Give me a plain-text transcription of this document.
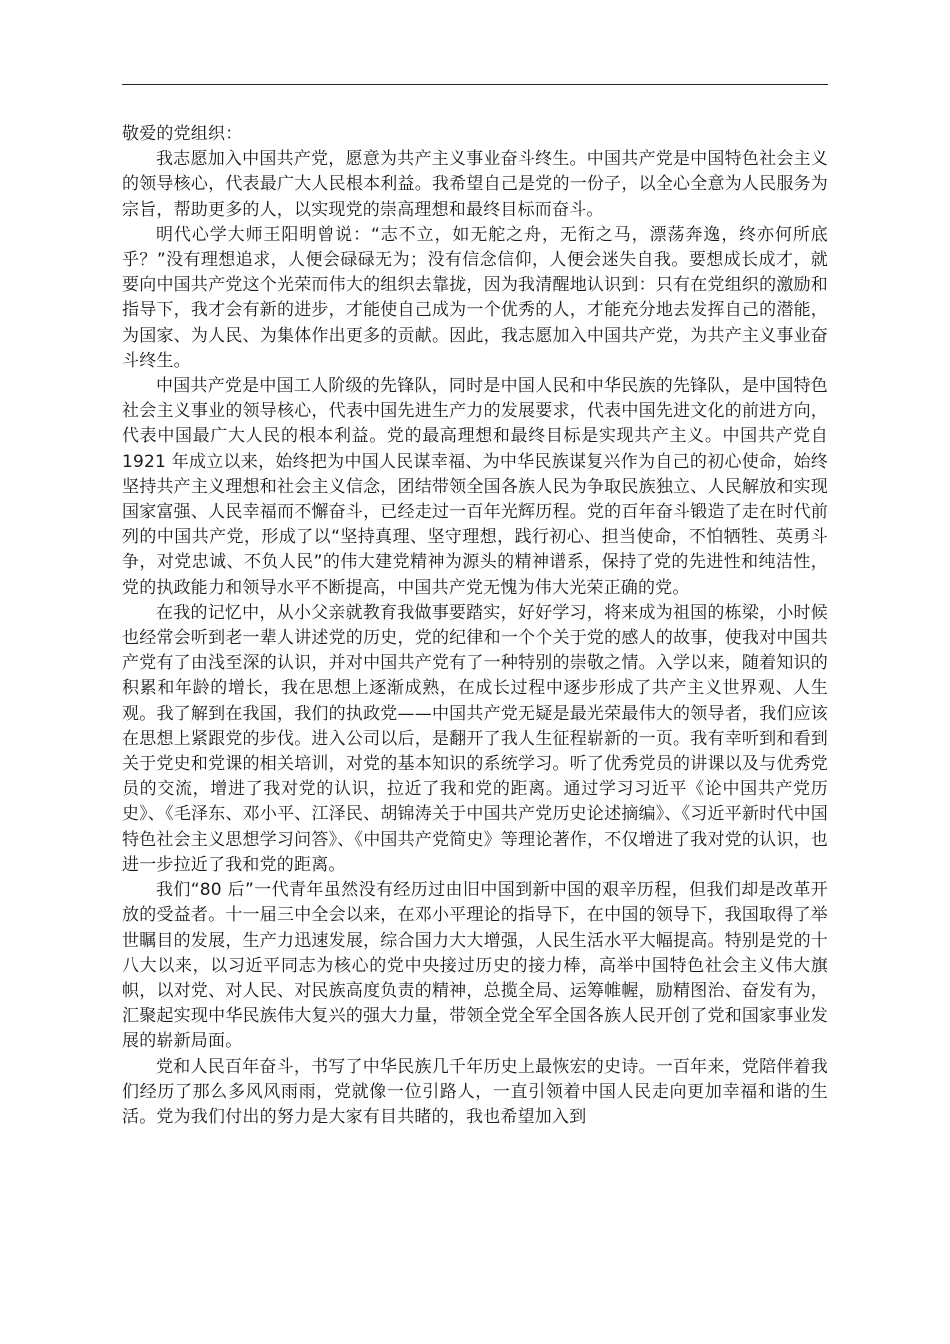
敬爱的党组织：

我志愿加入中国共产党，愿意为共产主义事业奋斗终生。中国共产党是中国特色社会主义的领导核心，代表最广大人民根本利益。我希望自己是党的一份子，以全心全意为人民服务为宗旨，帮助更多的人，以实现党的崇高理想和最终目标而奋斗。

明代心学大师王阳明曾说：“志不立，如无舵之舟，无衔之马，漂荡奔逸，终亦何所底乎？”没有理想追求，人便会碌碌无为；没有信念信仰，人便会迷失自我。要想成长成才，就要向中国共产党这个光荣而伟大的组织去靠拢，因为我清醒地认识到：只有在党组织的激励和指导下，我才会有新的进步，才能使自己成为一个优秀的人，才能充分地去发挥自己的潜能，为国家、为人民、为集体作出更多的贡献。因此，我志愿加入中国共产党，为共产主义事业奋斗终生。

中国共产党是中国工人阶级的先锋队，同时是中国人民和中华民族的先锋队，是中国特色社会主义事业的领导核心，代表中国先进生产力的发展要求，代表中国先进文化的前进方向，代表中国最广大人民的根本利益。党的最高理想和最终目标是实现共产主义。中国共产党自 1921 年成立以来，始终把为中国人民谋幸福、为中华民族谋复兴作为自己的初心使命，始终坚持共产主义理想和社会主义信念，团结带领全国各族人民为争取民族独立、人民解放和实现国家富强、人民幸福而不懈奋斗，已经走过一百年光辉历程。党的百年奋斗锻造了走在时代前列的中国共产党，形成了以“坚持真理、坚守理想，践行初心、担当使命，不怕牺牲、英勇斗争，对党忠诚、不负人民”的伟大建党精神为源头的精神谱系，保持了党的先进性和纯洁性，党的执政能力和领导水平不断提高，中国共产党无愧为伟大光荣正确的党。

在我的记忆中，从小父亲就教育我做事要踏实，好好学习，将来成为祖国的栋梁，小时候也经常会听到老一辈人讲述党的历史，党的纪律和一个个关于党的感人的故事，使我对中国共产党有了由浅至深的认识，并对中国共产党有了一种特别的崇敬之情。入学以来，随着知识的积累和年龄的增长，我在思想上逐渐成熟，在成长过程中逐步形成了共产主义世界观、人生观。我了解到在我国，我们的执政党——中国共产党无疑是最光荣最伟大的领导者，我们应该在思想上紧跟党的步伐。进入公司以后，是翻开了我人生征程崭新的一页。我有幸听到和看到关于党史和党课的相关培训，对党的基本知识的系统学习。听了优秀党员的讲课以及与优秀党员的交流，增进了我对党的认识，拉近了我和党的距离。通过学习习近平《论中国共产党历史》、《毛泽东、邓小平、江泽民、胡锦涛关于中国共产党历史论述摘编》、《习近平新时代中国特色社会主义思想学习问答》、《中国共产党简史》等理论著作，不仅增进了我对党的认识，也进一步拉近了我和党的距离。

我们“80 后”一代青年虽然没有经历过由旧中国到新中国的艰辛历程，但我们却是改革开放的受益者。十一届三中全会以来，在邓小平理论的指导下，在中国的领导下，我国取得了举世瞩目的发展，生产力迅速发展，综合国力大大增强，人民生活水平大幅提高。特别是党的十八大以来，以习近平同志为核心的党中央接过历史的接力棒，高举中国特色社会主义伟大旗帜，以对党、对人民、对民族高度负责的精神，总揽全局、运筹帷幄，励精图治、奋发有为，汇聚起实现中华民族伟大复兴的强大力量，带领全党全军全国各族人民开创了党和国家事业发展的崭新局面。

党和人民百年奋斗，书写了中华民族几千年历史上最恢宏的史诗。一百年来，党陪伴着我们经历了那么多风风雨雨，党就像一位引路人，一直引领着中国人民走向更加幸福和谐的生活。党为我们付出的努力是大家有目共睹的，我也希望加入到
